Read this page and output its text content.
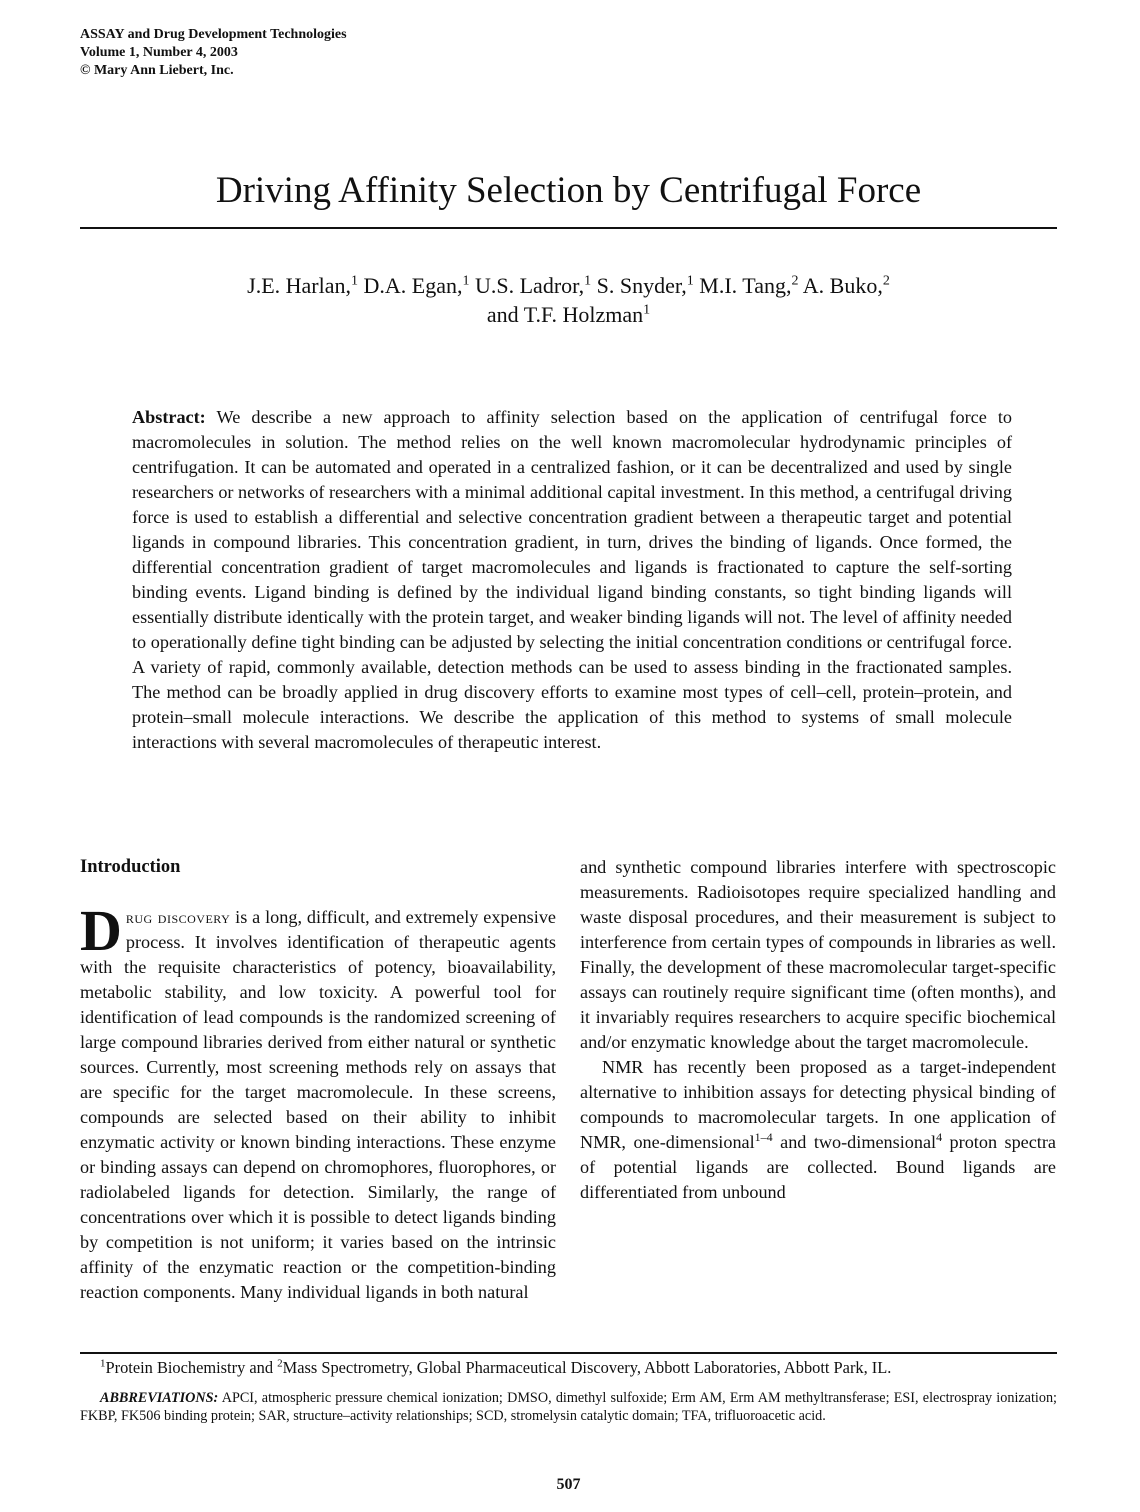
ASSAY and Drug Development Technologies
Volume 1, Number 4, 2003
© Mary Ann Liebert, Inc.
Driving Affinity Selection by Centrifugal Force
J.E. Harlan,$^1$ D.A. Egan,$^1$ U.S. Ladror,$^1$ S. Snyder,$^1$ M.I. Tang,$^2$ A. Buko,$^2$
and T.F. Holzman$^1$
Abstract: We describe a new approach to affinity selection based on the application of centrifugal force to macromolecules in solution. The method relies on the well known macromolecular hydrodynamic principles of centrifugation. It can be automated and operated in a centralized fashion, or it can be decentralized and used by single researchers or networks of researchers with a minimal additional capital investment. In this method, a centrifugal driving force is used to establish a differential and selective concentration gradient between a therapeutic target and potential ligands in compound libraries. This concentration gradient, in turn, drives the binding of ligands. Once formed, the differential concentration gradient of target macromolecules and ligands is fractionated to capture the self-sorting binding events. Ligand binding is defined by the individual ligand binding constants, so tight binding ligands will essentially distribute identically with the protein target, and weaker binding ligands will not. The level of affinity needed to operationally define tight binding can be adjusted by selecting the initial concentration conditions or centrifugal force. A variety of rapid, commonly available, detection methods can be used to assess binding in the fractionated samples. The method can be broadly applied in drug discovery efforts to examine most types of cell–cell, protein–protein, and protein–small molecule interactions. We describe the application of this method to systems of small molecule interactions with several macromolecules of therapeutic interest.
Introduction

Drug discovery is a long, difficult, and extremely expensive process. It involves identification of therapeutic agents with the requisite characteristics of potency, bioavailability, metabolic stability, and low toxicity. A powerful tool for identification of lead compounds is the randomized screening of large compound libraries derived from either natural or synthetic sources. Currently, most screening methods rely on assays that are specific for the target macromolecule. In these screens, compounds are selected based on their ability to inhibit enzymatic activity or known binding interactions. These enzyme or binding assays can depend on chromophores, fluorophores, or radiolabeled ligands for detection. Similarly, the range of concentrations over which it is possible to detect ligands binding by competition is not uniform; it varies based on the intrinsic affinity of the enzymatic reaction or the competition-binding reaction components. Many individual ligands in both natural

and synthetic compound libraries interfere with spectroscopic measurements. Radioisotopes require specialized handling and waste disposal procedures, and their measurement is subject to interference from certain types of compounds in libraries as well. Finally, the development of these macromolecular target-specific assays can routinely require significant time (often months), and it invariably requires researchers to acquire specific biochemical and/or enzymatic knowledge about the target macromolecule.

NMR has recently been proposed as a target-independent alternative to inhibition assays for detecting physical binding of compounds to macromolecular targets. In one application of NMR, one-dimensional$^{1-4}$ and two-dimensional$^4$ proton spectra of potential ligands are collected. Bound ligands are differentiated from unbound

$^1$Protein Biochemistry and $^2$Mass Spectrometry, Global Pharmaceutical Discovery, Abbott Laboratories, Abbott Park, IL.
ABBREVIATIONS: APCI, atmospheric pressure chemical ionization; DMSO, dimethyl sulfoxide; Erm AM, Erm AM methyltransferase; ESI, electrospray ionization; FKBP, FK506 binding protein; SAR, structure–activity relationships; SCD, stromelysin catalytic domain; TFA, trifluoroacetic acid.
507
